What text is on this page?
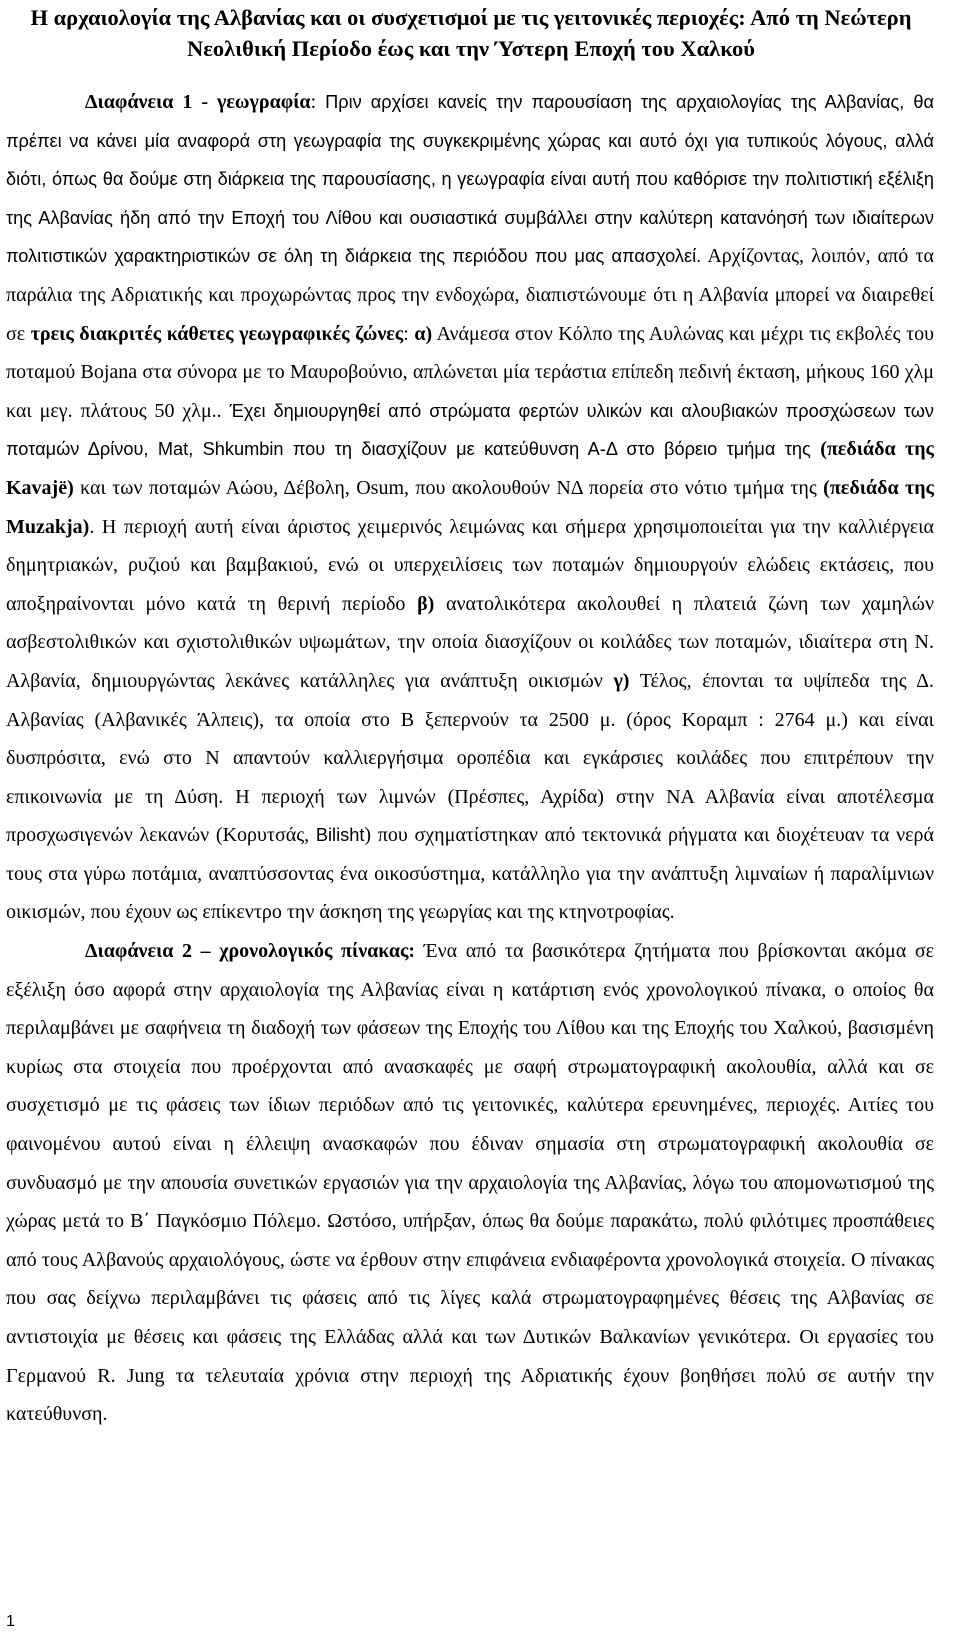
Η αρχαιολογία της Αλβανίας και οι συσχετισμοί με τις γειτονικές περιοχές: Από τη Νεώτερη Νεολιθική Περίοδο έως και την Ύστερη Εποχή του Χαλκού

Διαφάνεια 1 - γεωγραφία: Πριν αρχίσει κανείς την παρουσίαση της αρχαιολογίας της Αλβανίας, θα πρέπει να κάνει μία αναφορά στη γεωγραφία της συγκεκριμένης χώρας και αυτό όχι για τυπικούς λόγους, αλλά διότι, όπως θα δούμε στη διάρκεια της παρουσίασης, η γεωγραφία είναι αυτή που καθόρισε την πολιτιστική εξέλιξη της Αλβανίας ήδη από την Εποχή του Λίθου και ουσιαστικά συμβάλλει στην καλύτερη κατανόησή των ιδιαίτερων πολιτιστικών χαρακτηριστικών σε όλη τη διάρκεια της περιόδου που μας απασχολεί. Αρχίζοντας, λοιπόν, από τα παράλια της Αδριατικής και προχωρώντας προς την ενδοχώρα, διαπιστώνουμε ότι η Αλβανία μπορεί να διαιρεθεί σε τρεις διακριτές κάθετες γεωγραφικές ζώνες: α) Ανάμεσα στον Κόλπο της Αυλώνας και μέχρι τις εκβολές του ποταμού Bojana στα σύνορα με το Μαυροβούνιο, απλώνεται μία τεράστια επίπεδη πεδινή έκταση, μήκους 160 χλμ και μεγ. πλάτους 50 χλμ.. Έχει δημιουργηθεί από στρώματα φερτών υλικών και αλουβιακών προσχώσεων των ποταμών Δρίνου, Mat, Shkumbin που τη διασχίζουν με κατεύθυνση Α-Δ στο βόρειο τμήμα της (πεδιάδα της Kavajë) και των ποταμών Αώου, Δέβολη, Osum, που ακολουθούν ΝΔ πορεία στο νότιο τμήμα της (πεδιάδα της Muzakja). Η περιοχή αυτή είναι άριστος χειμερινός λειμώνας και σήμερα χρησιμοποιείται για την καλλιέργεια δημητριακών, ρυζιού και βαμβακιού, ενώ οι υπερχειλίσεις των ποταμών δημιουργούν ελώδεις εκτάσεις, που αποξηραίνονται μόνο κατά τη θερινή περίοδο β) ανατολικότερα ακολουθεί η πλατειά ζώνη των χαμηλών ασβεστολιθικών και σχιστολιθικών υψωμάτων, την οποία διασχίζουν οι κοιλάδες των ποταμών, ιδιαίτερα στη Ν. Αλβανία, δημιουργώντας λεκάνες κατάλληλες για ανάπτυξη οικισμών γ) Τέλος, έπονται τα υψίπεδα της Δ. Αλβανίας (Αλβανικές Άλπεις), τα οποία στο Β ξεπερνούν τα 2500 μ. (όρος Κοραμπ : 2764 μ.) και είναι δυσπρόσιτα, ενώ στο Ν απαντούν καλλιεργήσιμα οροπέδια και εγκάρσιες κοιλάδες που επιτρέπουν την επικοινωνία με τη Δύση. Η περιοχή των λιμνών (Πρέσπες, Αχρίδα) στην ΝΑ Αλβανία είναι αποτέλεσμα προσχωσιγενών λεκανών (Κορυτσάς, Bilisht) που σχηματίστηκαν από τεκτονικά ρήγματα και διοχέτευαν τα νερά τους στα γύρω ποτάμια, αναπτύσσοντας ένα οικοσύστημα, κατάλληλο για την ανάπτυξη λιμναίων ή παραλίμνιων οικισμών, που έχουν ως επίκεντρο την άσκηση της γεωργίας και της κτηνοτροφίας.

Διαφάνεια 2 – χρονολογικός πίνακας: Ένα από τα βασικότερα ζητήματα που βρίσκονται ακόμα σε εξέλιξη όσο αφορά στην αρχαιολογία της Αλβανίας είναι η κατάρτιση ενός χρονολογικού πίνακα, ο οποίος θα περιλαμβάνει με σαφήνεια τη διαδοχή των φάσεων της Εποχής του Λίθου και της Εποχής του Χαλκού, βασισμένη κυρίως στα στοιχεία που προέρχονται από ανασκαφές με σαφή στρωματογραφική ακολουθία, αλλά και σε συσχετισμό με τις φάσεις των ίδιων περιόδων από τις γειτονικές, καλύτερα ερευνημένες, περιοχές. Αιτίες του φαινομένου αυτού είναι η έλλειψη ανασκαφών που έδιναν σημασία στη στρωματογραφική ακολουθία σε συνδυασμό με την απουσία συνετικών εργασιών για την αρχαιολογία της Αλβανίας, λόγω του απομονωτισμού της χώρας μετά το Β΄ Παγκόσμιο Πόλεμο. Ωστόσο, υπήρξαν, όπως θα δούμε παρακάτω, πολύ φιλότιμες προσπάθειες από τους Αλβανούς αρχαιολόγους, ώστε να έρθουν στην επιφάνεια ενδιαφέροντα χρονολογικά στοιχεία. Ο πίνακας που σας δείχνω περιλαμβάνει τις φάσεις από τις λίγες καλά στρωματογραφημένες θέσεις της Αλβανίας σε αντιστοιχία με θέσεις και φάσεις της Ελλάδας αλλά και των Δυτικών Βαλκανίων γενικότερα. Οι εργασίες του Γερμανού R. Jung τα τελευταία χρόνια στην περιοχή της Αδριατικής έχουν βοηθήσει πολύ σε αυτήν την κατεύθυνση.

1
